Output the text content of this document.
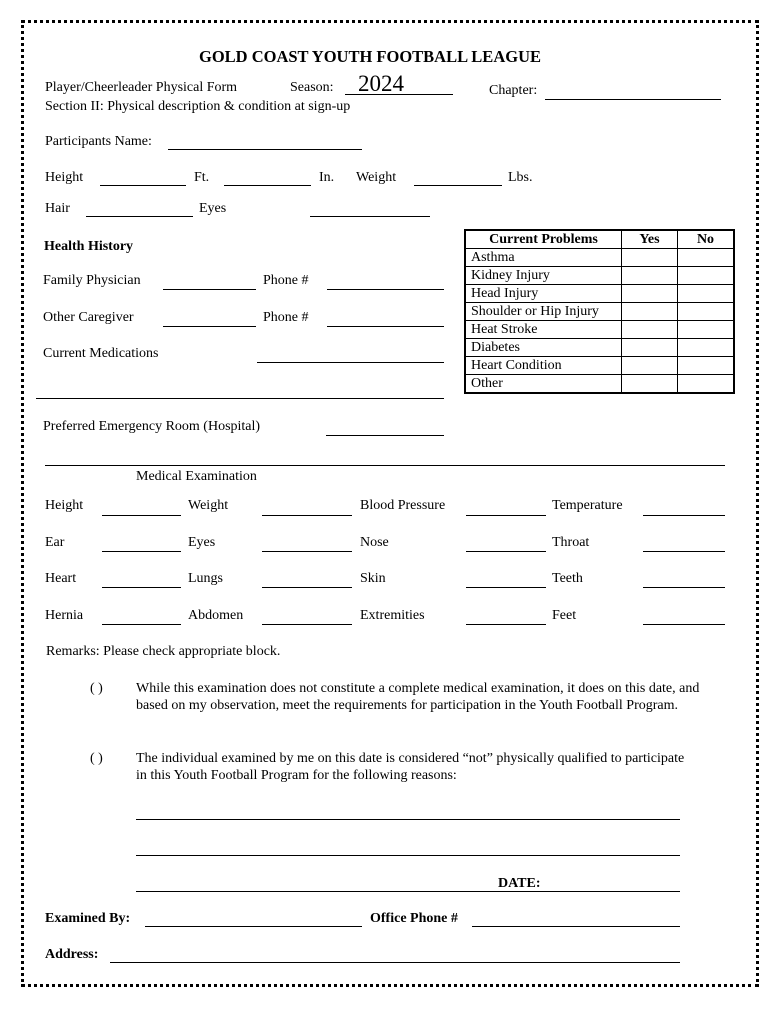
GOLD COAST YOUTH FOOTBALL LEAGUE
Player/Cheerleader Physical Form	Season: 2024	Chapter:
Section II: Physical description & condition at sign-up
Participants Name:
Height	Ft.	In. Weight	Lbs.
Hair	Eyes
Health History
Family Physician	Phone #
Other Caregiver	Phone #
Current Medications
Preferred Emergency Room (Hospital)
Current Problems	Yes	No
Asthma		
Kidney Injury		
Head Injury		
Shoulder or Hip Injury		
Heat Stroke		
Diabetes		
Heart Condition		
Other		
Medical Examination
Height	Weight	Blood Pressure	Temperature
Ear	Eyes	Nose	Throat
Heart	Lungs	Skin	Teeth
Hernia	Abdomen	Extremities	Feet
Remarks: Please check appropriate block.
( ) While this examination does not constitute a complete medical examination, it does on this date, and based on my observation, meet the requirements for participation in the Youth Football Program.
( ) The individual examined by me on this date is considered “not” physically qualified to participate in this Youth Football Program for the following reasons:
DATE:
Examined By:	Office Phone #
Address:
